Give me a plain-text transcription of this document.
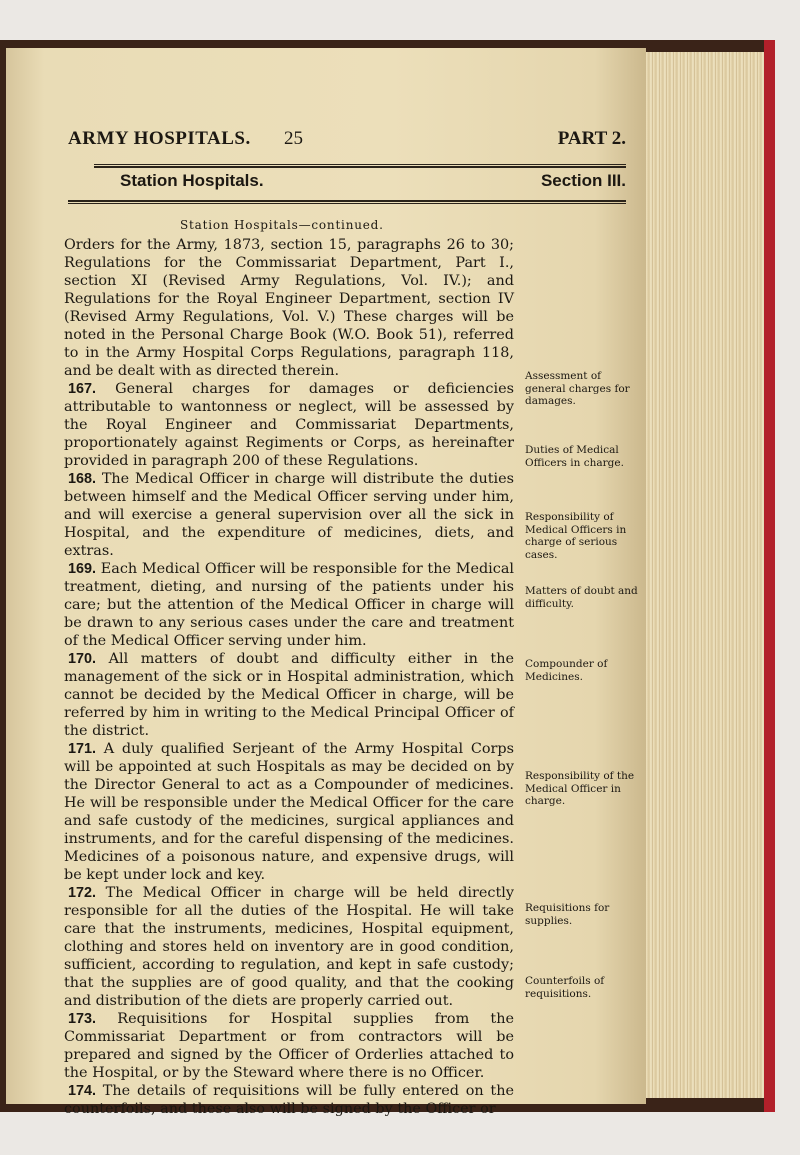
ARMY HOSPITALS. 25	PART 2.
Station Hospitals.	Section III.
Station Hospitals—continued.

Orders for the Army, 1873, section 15, paragraphs 26 to 30; Regulations for the Commissariat Department, Part I., section XI (Revised Army Regulations, Vol. IV.); and Regulations for the Royal Engineer Department, section IV (Revised Army Regulations, Vol. V.) These charges will be noted in the Personal Charge Book (W.O. Book 51), referred to in the Army Hospital Corps Regulations, paragraph 118, and be dealt with as directed therein.

167. General charges for damages or deficiencies attributable to wantonness or neglect, will be assessed by the Royal Engineer and Commissariat Departments, proportionately against Regiments or Corps, as hereinafter provided in paragraph 200 of these Regulations.

168. The Medical Officer in charge will distribute the duties between himself and the Medical Officer serving under him, and will exercise a general supervision over all the sick in Hospital, and the expenditure of medicines, diets, and extras.

169. Each Medical Officer will be responsible for the Medical treatment, dieting, and nursing of the patients under his care; but the attention of the Medical Officer in charge will be drawn to any serious cases under the care and treatment of the Medical Officer serving under him.

170. All matters of doubt and difficulty either in the management of the sick or in Hospital administration, which cannot be decided by the Medical Officer in charge, will be referred by him in writing to the Medical Principal Officer of the district.

171. A duly qualified Serjeant of the Army Hospital Corps will be appointed at such Hospitals as may be decided on by the Director General to act as a Compounder of medicines. He will be responsible under the Medical Officer for the care and safe custody of the medicines, surgical appliances and instruments, and for the careful dispensing of the medicines. Medicines of a poisonous nature, and expensive drugs, will be kept under lock and key.

172. The Medical Officer in charge will be held directly responsible for all the duties of the Hospital. He will take care that the instruments, medicines, Hospital equipment, clothing and stores held on inventory are in good condition, sufficient, according to regulation, and kept in safe custody; that the supplies are of good quality, and that the cooking and distribution of the diets are properly carried out.

173. Requisitions for Hospital supplies from the Commissariat Department or from contractors will be prepared and signed by the Officer of Orderlies attached to the Hospital, or by the Steward where there is no Officer.

174. The details of requisitions will be fully entered on the counterfoils, and these also will be signed by the Officer or

Assessment of general charges for damages.
Duties of Medical Officers in charge.
Responsibility of Medical Officers in charge of serious cases.
Matters of doubt and difficulty.
Compounder of Medicines.
Responsibility of the Medical Officer in charge.
Requisitions for supplies.
Counterfoils of requisitions.
